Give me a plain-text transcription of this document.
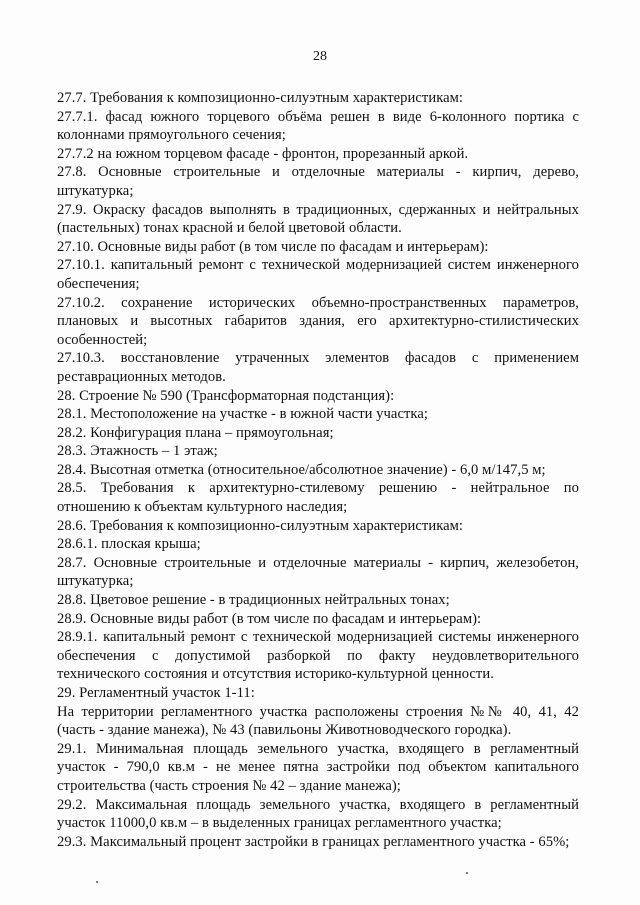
28

27.7. Требования к композиционно-силуэтным характеристикам:

27.7.1. фасад южного торцевого объёма решен в виде 6-колонного портика с колоннами прямоугольного сечения;

27.7.2 на южном торцевом фасаде - фронтон, прорезанный аркой.

27.8. Основные строительные и отделочные материалы - кирпич, дерево, штукатурка;

27.9. Окраску фасадов выполнять в традиционных, сдержанных и нейтральных (пастельных) тонах красной и белой цветовой области.

27.10. Основные виды работ (в том числе по фасадам и интерьерам):

27.10.1. капитальный ремонт с технической модернизацией систем инженерного обеспечения;

27.10.2. сохранение исторических объемно-пространственных параметров, плановых и высотных габаритов здания, его архитектурно-стилистических особенностей;

27.10.3. восстановление утраченных элементов фасадов с применением реставрационных методов.

28. Строение № 590 (Трансформаторная подстанция):

28.1. Местоположение на участке - в южной части участка;

28.2. Конфигурация плана – прямоугольная;

28.3. Этажность – 1 этаж;

28.4. Высотная отметка (относительное/абсолютное значение) - 6,0 м/147,5 м;

28.5. Требования к архитектурно-стилевому решению - нейтральное по отношению к объектам культурного наследия;

28.6. Требования к композиционно-силуэтным характеристикам:

28.6.1. плоская крыша;

28.7. Основные строительные и отделочные материалы - кирпич, железобетон, штукатурка;

28.8. Цветовое решение - в традиционных нейтральных тонах;

28.9. Основные виды работ (в том числе по фасадам и интерьерам):

28.9.1. капитальный ремонт с технической модернизацией системы инженерного обеспечения с допустимой разборкой по факту неудовлетворительного технического состояния и отсутствия историко-культурной ценности.

29. Регламентный участок 1-11:

На территории регламентного участка расположены строения №№ 40, 41, 42 (часть - здание манежа), № 43 (павильоны Животноводческого городка).

29.1. Минимальная площадь земельного участка, входящего в регламентный участок - 790,0 кв.м - не менее пятна застройки под объектом капитального строительства (часть строения № 42 – здание манежа);

29.2. Максимальная площадь земельного участка, входящего в регламентный участок 11000,0 кв.м – в выделенных границах регламентного участка;

29.3. Максимальный процент застройки в границах регламентного участка - 65%;
